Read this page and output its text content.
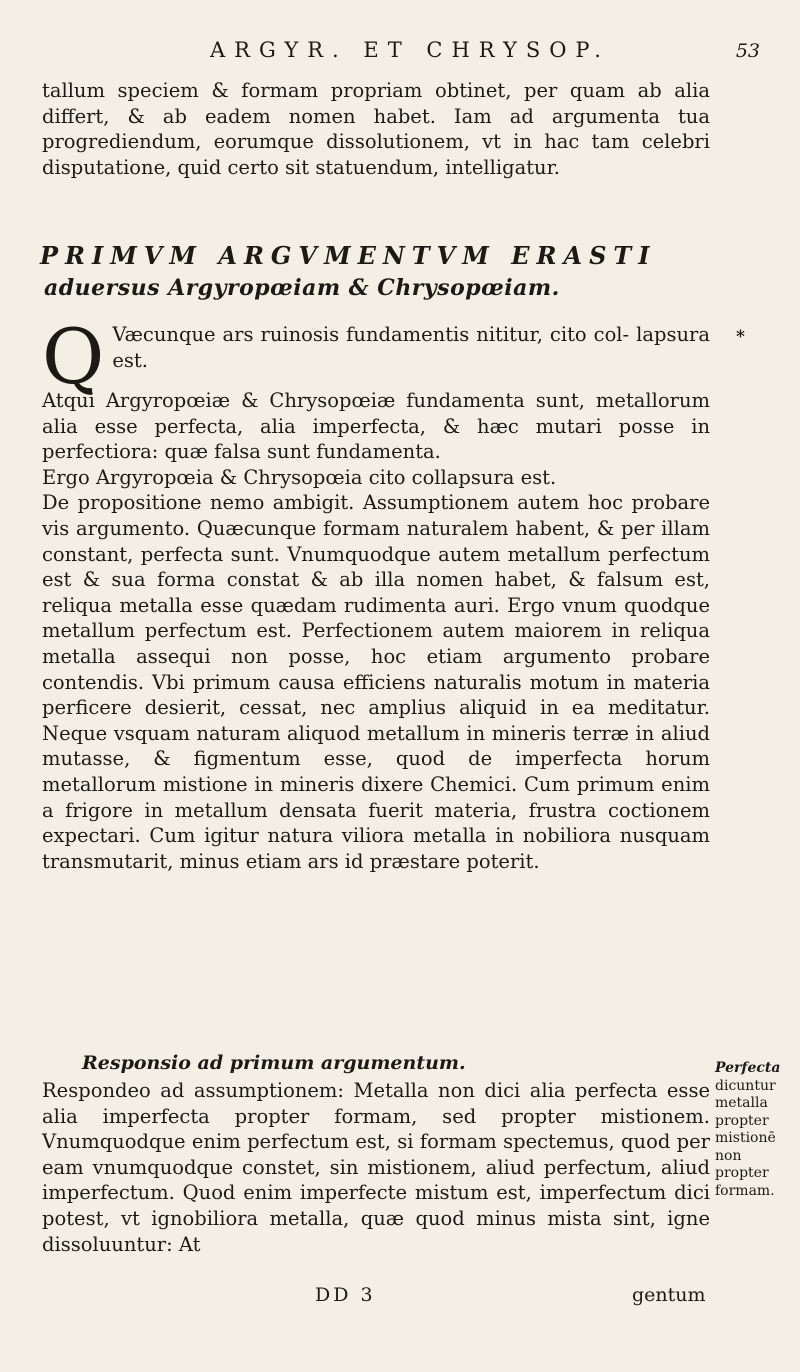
ARGYR. ET CHRYSOP.	53

tallum speciem & formam propriam obtinet, per quam ab alia differt, & ab eadem nomen habet. Iam ad argumenta tua progrediendum, eorumque dissolutionem, vt in hac tam celebri disputatione, quid certo sit statuendum, intelligatur.

PRIMVM ARGVMENTVM ERASTI
aduersus Argyropœiam & Chrysopœiam.

Q Væcunque ars ruinosis fundamentis nititur, cito col- lapsura est.

Atqui Argyropœiæ & Chrysopœiæ fundamenta sunt, metallorum alia esse perfecta, alia imperfecta, & hæc mutari posse in perfectiora: quæ falsa sunt fundamenta.

Ergo Argyropœia & Chrysopœia cito collapsura est.

De propositione nemo ambigit. Assumptionem autem hoc probare vis argumento. Quæcunque formam naturalem habent, & per illam constant, perfecta sunt. Vnumquodque autem metallum perfectum est & sua forma constat & ab illa nomen habet, & falsum est, reliqua metalla esse quædam rudimenta auri. Ergo vnum quodque metallum perfectum est. Perfectionem autem maiorem in reliqua metalla assequi non posse, hoc etiam argumento probare contendis. Vbi primum causa efficiens naturalis motum in materia perficere desierit, cessat, nec amplius aliquid in ea meditatur. Neque vsquam naturam aliquod metallum in mineris terræ in aliud mutasse, & figmentum esse, quod de imperfecta horum metallorum mistione in mineris dixere Chemici. Cum primum enim a frigore in metallum densata fuerit materia, frustra coctionem expectari. Cum igitur natura viliora metalla in nobiliora nusquam transmutarit, minus etiam ars id præstare poterit.

Responsio ad primum argumentum.

Respondeo ad assumptionem: Metalla non dici alia perfecta esse alia imperfecta propter formam, sed propter mistionem. Vnumquodque enim perfectum est, si formam spectemus, quod per eam vnumquodque constet, sin mistionem, aliud perfectum, aliud imperfectum. Quod enim imperfecte mistum est, imperfectum dici potest, vt ignobiliora metalla, quæ quod minus mista sint, igne dissoluuntur: At

DD 3	gentum
*
Perfecta dicuntur metalla propter mistionē non propter formam.
